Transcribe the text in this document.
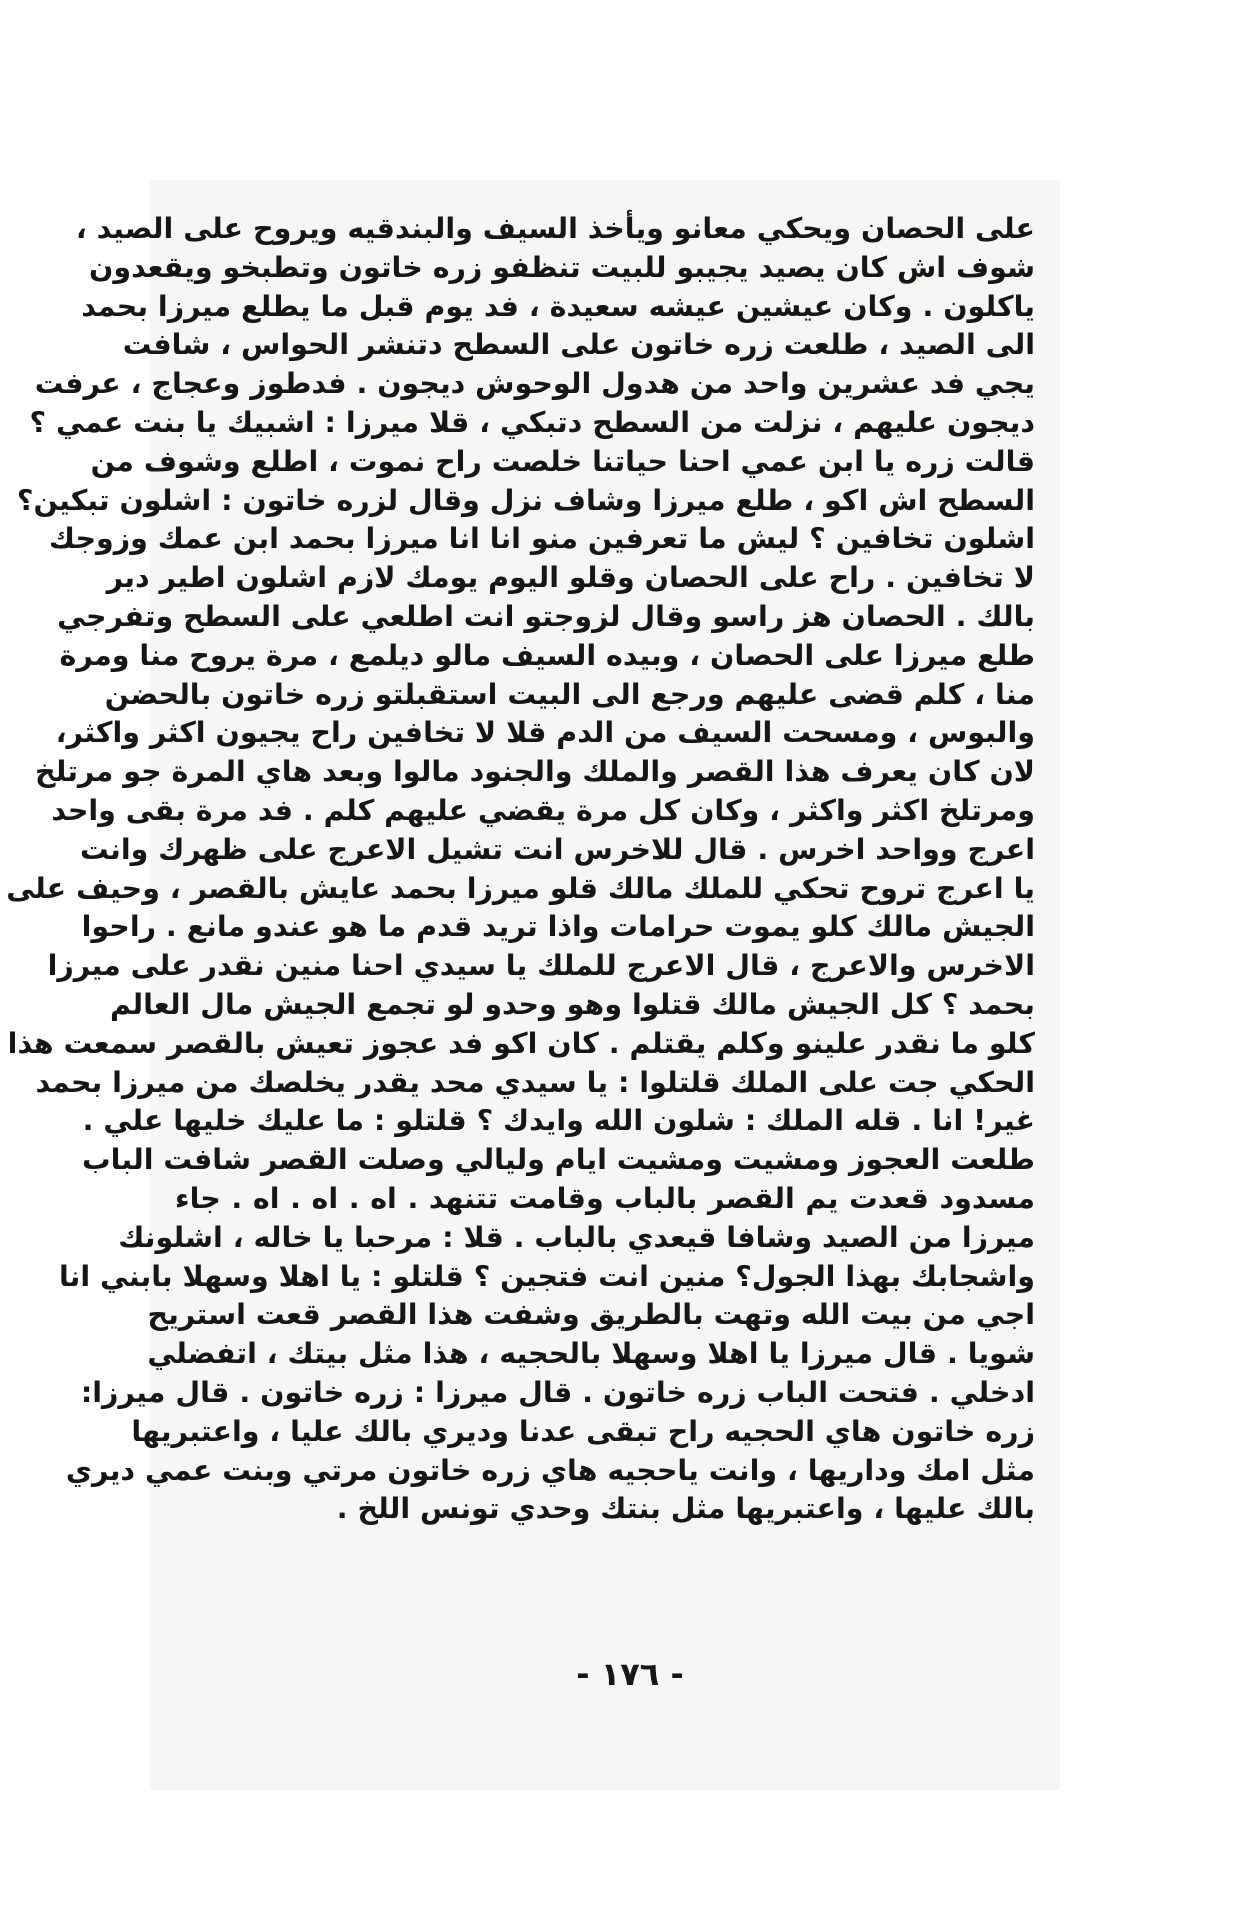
على الحصان ويحكي معانو ويأخذ السيف والبندقيه ويروح على الصيد ،
شوف اش كان يصيد يجيبو للبيت تنظفو زره خاتون وتطبخو ويقعدون
ياكلون . وكان عيشين عيشه سعيدة ، فد يوم قبل ما يطلع ميرزا بحمد
الى الصيد ، طلعت زره خاتون على السطح دتنشر الحواس ، شافت
يجي فد عشرين واحد من هدول الوحوش ديجون . فدطوز وعجاج ، عرفت
ديجون عليهم ، نزلت من السطح دتبكي ، قلا ميرزا : اشبيك يا بنت عمي ؟
قالت زره يا ابن عمي احنا حياتنا خلصت راح نموت ، اطلع وشوف من
السطح اش اكو ، طلع ميرزا وشاف نزل وقال لزره خاتون : اشلون تبكين؟
اشلون تخافين ؟ ليش ما تعرفين منو انا انا ميرزا بحمد ابن عمك وزوجك
لا تخافين . راح على الحصان وقلو اليوم يومك لازم اشلون اطير دير
بالك . الحصان هز راسو وقال لزوجتو انت اطلعي على السطح وتفرجي
طلع ميرزا على الحصان ، وبيده السيف مالو ديلمع ، مرة يروح منا ومرة
منا ، كلم قضى عليهم ورجع الى البيت استقبلتو زره خاتون بالحضن
والبوس ، ومسحت السيف من الدم قلا لا تخافين راح يجيون اكثر واكثر،
لان كان يعرف هذا القصر والملك والجنود مالوا وبعد هاي المرة جو مرتلخ
ومرتلخ اكثر واكثر ، وكان كل مرة يقضي عليهم كلم . فد مرة بقى واحد
اعرج وواحد اخرس . قال للاخرس انت تشيل الاعرج على ظهرك وانت
يا اعرج تروح تحكي للملك مالك قلو ميرزا بحمد عايش بالقصر ، وحيف على
الجيش مالك كلو يموت حرامات واذا تريد قدم ما هو عندو مانع . راحوا
الاخرس والاعرج ، قال الاعرج للملك يا سيدي احنا منين نقدر على ميرزا
بحمد ؟ كل الجيش مالك قتلوا وهو وحدو لو تجمع الجيش مال العالم
كلو ما نقدر علينو وكلم يقتلم . كان اكو فد عجوز تعيش بالقصر سمعت هذا
الحكي جت على الملك قلتلوا : يا سيدي محد يقدر يخلصك من ميرزا بحمد
غير! انا . قله الملك : شلون الله وايدك ؟ قلتلو : ما عليك خليها علي .
طلعت العجوز ومشيت ومشيت ايام وليالي وصلت القصر شافت الباب
مسدود قعدت يم القصر بالباب وقامت تتنهد . اه . اه . اه . جاء
ميرزا من الصيد وشافا قيعدي بالباب . قلا : مرحبا يا خاله ، اشلونك
واشجابك بهذا الجول؟ منين انت فتجين ؟ قلتلو : يا اهلا وسهلا بابني انا
اجي من بيت الله وتهت بالطريق وشفت هذا القصر قعت استريح
شويا . قال ميرزا يا اهلا وسهلا بالحجيه ، هذا مثل بيتك ، اتفضلي
ادخلي . فتحت الباب زره خاتون . قال ميرزا : زره خاتون . قال ميرزا:
زره خاتون هاي الحجيه راح تبقى عدنا وديري بالك عليا ، واعتبريها
مثل امك وداريها ، وانت ياحجيه هاي زره خاتون مرتي وبنت عمي ديري
بالك عليها ، واعتبريها مثل بنتك وحدي تونس اللخ .
- ١٧٦ -
